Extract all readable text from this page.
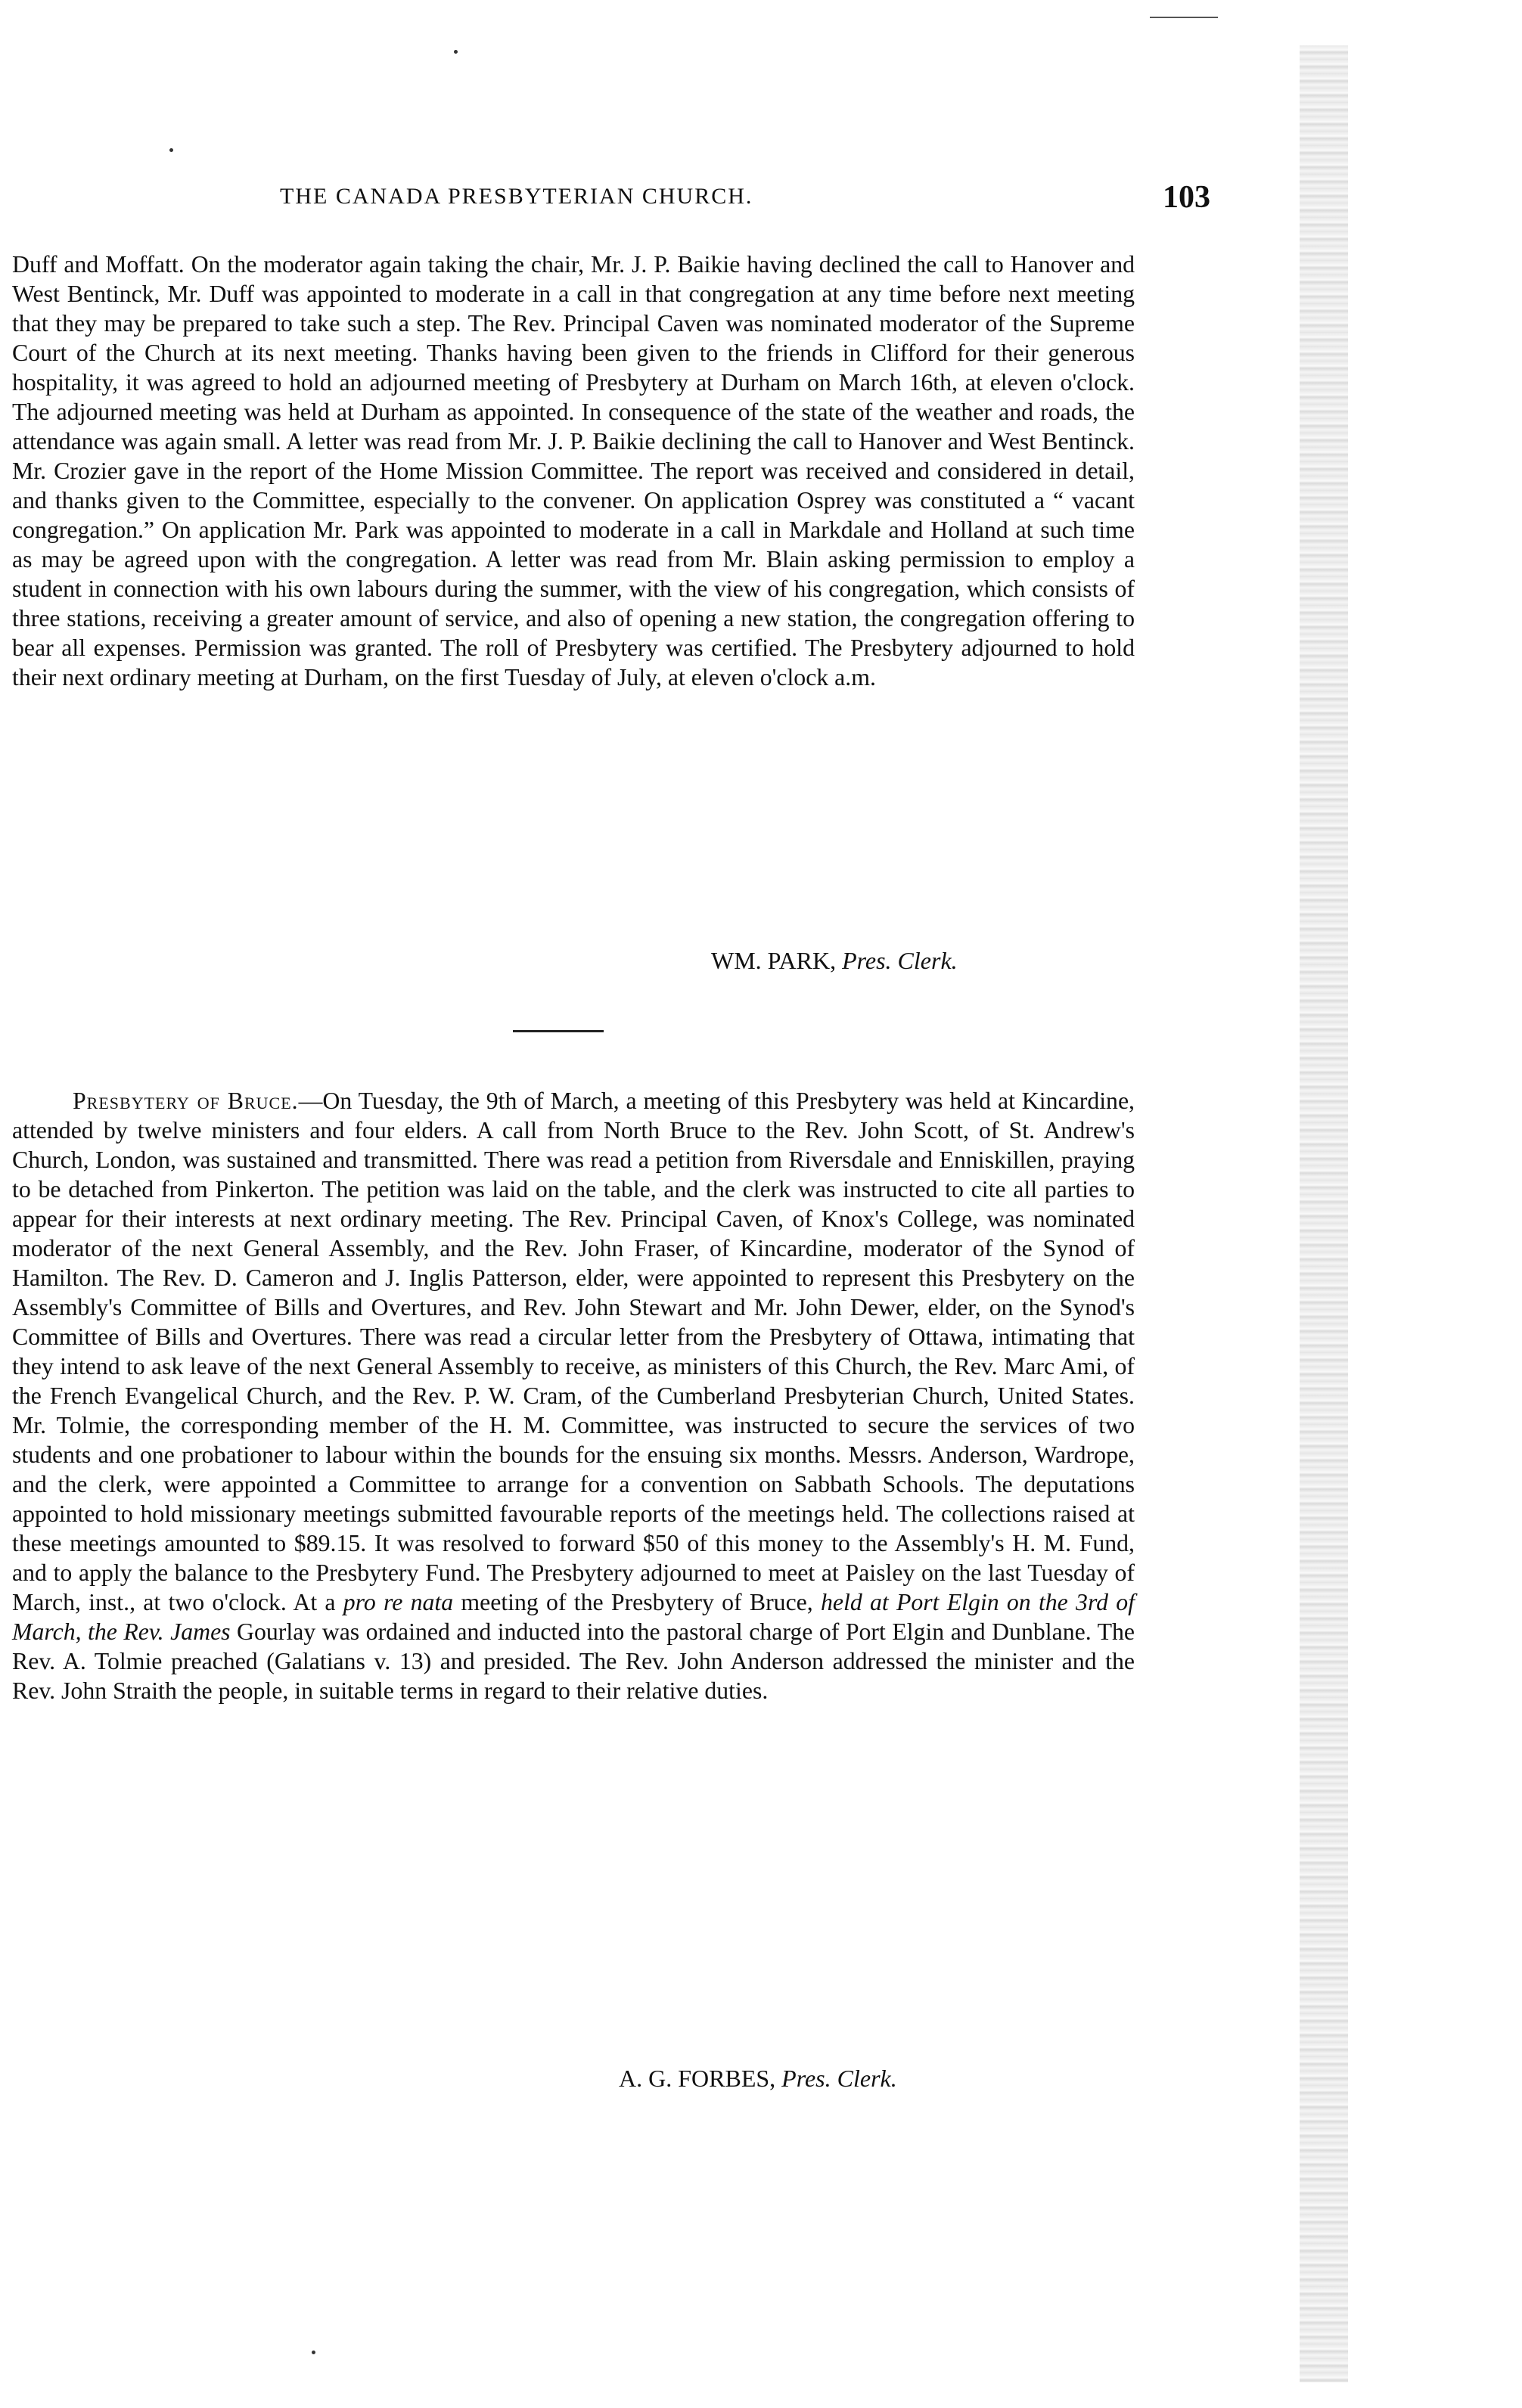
THE CANADA PRESBYTERIAN CHURCH.	103

Duff and Moffatt. On the moderator again taking the chair, Mr. J. P. Baikie having declined the call to Hanover and West Bentinck, Mr. Duff was appointed to moderate in a call in that congregation at any time before next meeting that they may be prepared to take such a step. The Rev. Principal Caven was nominated moderator of the Supreme Court of the Church at its next meeting. Thanks having been given to the friends in Clifford for their generous hospitality, it was agreed to hold an adjourned meeting of Presbytery at Durham on March 16th, at eleven o'clock. The adjourned meeting was held at Durham as appointed. In consequence of the state of the weather and roads, the attendance was again small. A letter was read from Mr. J. P. Baikie declining the call to Hanover and West Bentinck. Mr. Crozier gave in the report of the Home Mission Committee. The report was received and considered in detail, and thanks given to the Committee, especially to the convener. On application Osprey was constituted a “ vacant congregation.” On application Mr. Park was appointed to moderate in a call in Markdale and Holland at such time as may be agreed upon with the congregation. A letter was read from Mr. Blain asking permission to employ a student in connection with his own labours during the summer, with the view of his congregation, which consists of three stations, receiving a greater amount of service, and also of opening a new station, the congregation offering to bear all expenses. Permission was granted. The roll of Presbytery was certified. The Presbytery adjourned to hold their next ordinary meeting at Durham, on the first Tuesday of July, at eleven o'clock a.m.

WM. PARK, Pres. Clerk.

Presbytery of Bruce.—On Tuesday, the 9th of March, a meeting of this Presbytery was held at Kincardine, attended by twelve ministers and four elders. A call from North Bruce to the Rev. John Scott, of St. Andrew's Church, London, was sustained and transmitted. There was read a petition from Riversdale and Enniskillen, praying to be detached from Pinkerton. The petition was laid on the table, and the clerk was instructed to cite all parties to appear for their interests at next ordinary meeting. The Rev. Principal Caven, of Knox's College, was nominated moderator of the next General Assembly, and the Rev. John Fraser, of Kincardine, moderator of the Synod of Hamilton. The Rev. D. Cameron and J. Inglis Patterson, elder, were appointed to represent this Presbytery on the Assembly's Committee of Bills and Overtures, and Rev. John Stewart and Mr. John Dewer, elder, on the Synod's Committee of Bills and Overtures. There was read a circular letter from the Presbytery of Ottawa, intimating that they intend to ask leave of the next General Assembly to receive, as ministers of this Church, the Rev. Marc Ami, of the French Evangelical Church, and the Rev. P. W. Cram, of the Cumberland Presbyterian Church, United States. Mr. Tolmie, the corresponding member of the H. M. Committee, was instructed to secure the services of two students and one probationer to labour within the bounds for the ensuing six months. Messrs. Anderson, Wardrope, and the clerk, were appointed a Committee to arrange for a convention on Sabbath Schools. The deputations appointed to hold missionary meetings submitted favourable reports of the meetings held. The collections raised at these meetings amounted to $89.15. It was resolved to forward $50 of this money to the Assembly's H. M. Fund, and to apply the balance to the Presbytery Fund. The Presbytery adjourned to meet at Paisley on the last Tuesday of March, inst., at two o'clock. At a pro re nata meeting of the Presbytery of Bruce, held at Port Elgin on the 3rd of March, the Rev. James Gourlay was ordained and inducted into the pastoral charge of Port Elgin and Dunblane. The Rev. A. Tolmie preached (Galatians v. 13) and presided. The Rev. John Anderson addressed the minister and the Rev. John Straith the people, in suitable terms in regard to their relative duties.

A. G. FORBES, Pres. Clerk.
